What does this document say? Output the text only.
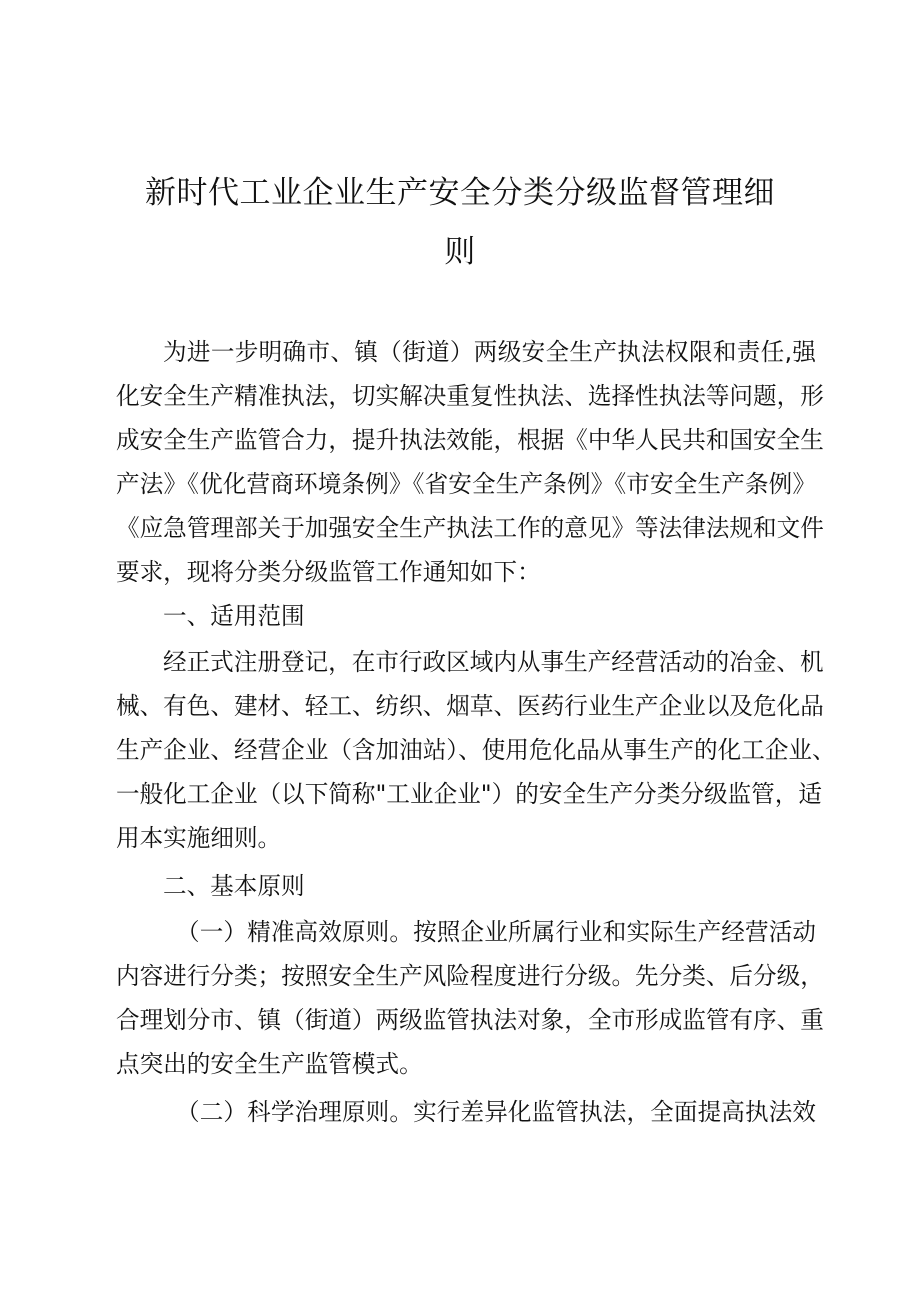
新时代工业企业生产安全分类分级监督管理细
则
为进一步明确市、镇（街道）两级安全生产执法权限和责任,强
化安全生产精准执法，切实解决重复性执法、选择性执法等问题，形
成安全生产监管合力，提升执法效能，根据《中华人民共和国安全生
产法》《优化营商环境条例》《省安全生产条例》《市安全生产条例》
《应急管理部关于加强安全生产执法工作的意见》等法律法规和文件
要求，现将分类分级监管工作通知如下：
一、适用范围
经正式注册登记，在市行政区域内从事生产经营活动的冶金、机
械、有色、建材、轻工、纺织、烟草、医药行业生产企业以及危化品
生产企业、经营企业（含加油站）、使用危化品从事生产的化工企业、
一般化工企业（以下简称"工业企业"）的安全生产分类分级监管，适
用本实施细则。
二、基本原则
（一）精准高效原则。按照企业所属行业和实际生产经营活动
内容进行分类；按照安全生产风险程度进行分级。先分类、后分级，
合理划分市、镇（街道）两级监管执法对象，全市形成监管有序、重
点突出的安全生产监管模式。
（二）科学治理原则。实行差异化监管执法，全面提高执法效
